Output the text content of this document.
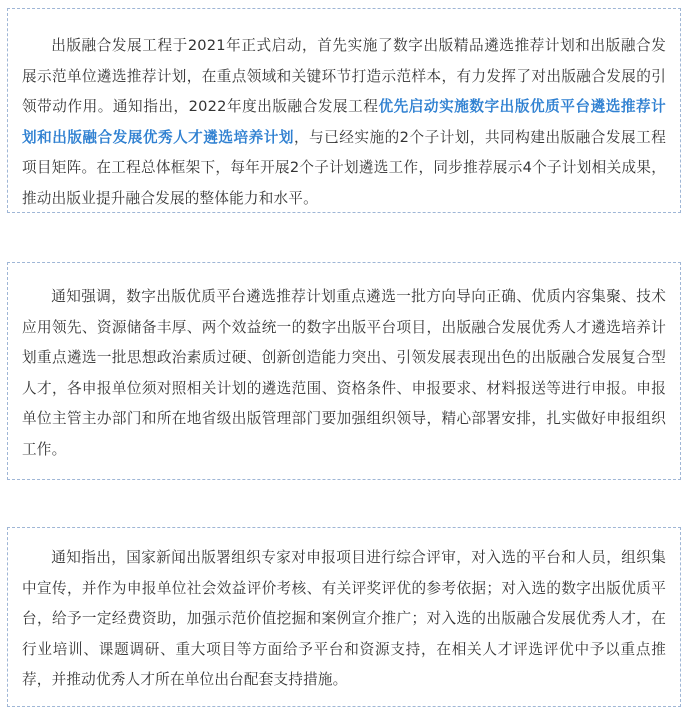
出版融合发展工程于2021年正式启动，首先实施了数字出版精品遴选推荐计划和出版融合发展示范单位遴选推荐计划，在重点领域和关键环节打造示范样本，有力发挥了对出版融合发展的引领带动作用。通知指出，2022年度出版融合发展工程优先启动实施数字出版优质平台遴选推荐计划和出版融合发展优秀人才遴选培养计划，与已经实施的2个子计划，共同构建出版融合发展工程项目矩阵。在工程总体框架下，每年开展2个子计划遴选工作，同步推荐展示4个子计划相关成果，推动出版业提升融合发展的整体能力和水平。

通知强调，数字出版优质平台遴选推荐计划重点遴选一批方向导向正确、优质内容集聚、技术应用领先、资源储备丰厚、两个效益统一的数字出版平台项目，出版融合发展优秀人才遴选培养计划重点遴选一批思想政治素质过硬、创新创造能力突出、引领发展表现出色的出版融合发展复合型人才，各申报单位须对照相关计划的遴选范围、资格条件、申报要求、材料报送等进行申报。申报单位主管主办部门和所在地省级出版管理部门要加强组织领导，精心部署安排，扎实做好申报组织工作。

通知指出，国家新闻出版署组织专家对申报项目进行综合评审，对入选的平台和人员，组织集中宣传，并作为申报单位社会效益评价考核、有关评奖评优的参考依据；对入选的数字出版优质平台，给予一定经费资助，加强示范价值挖掘和案例宣介推广；对入选的出版融合发展优秀人才，在行业培训、课题调研、重大项目等方面给予平台和资源支持，在相关人才评选评优中予以重点推荐，并推动优秀人才所在单位出台配套支持措施。
